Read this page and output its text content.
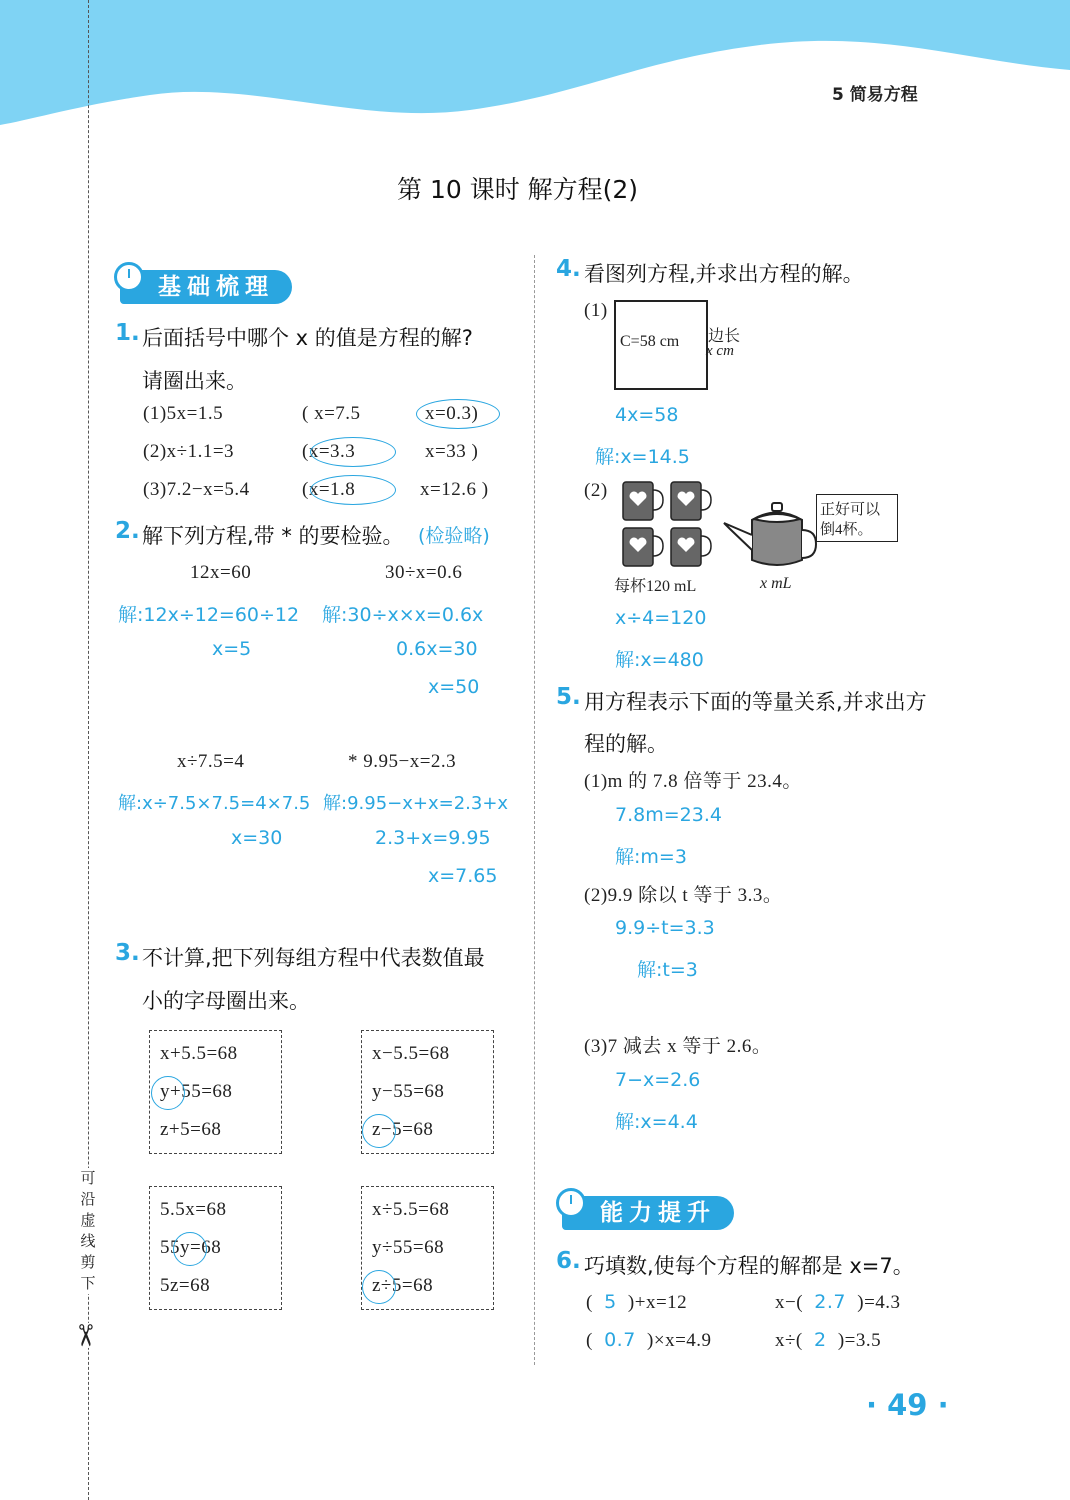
5 简易方程
可沿虚线剪下
✂
第 10 课时 解方程(2)
基础梳理
1. 后面括号中哪个 x 的值是方程的解?
请圈出来。
(1)5x=1.5	( x=7.5	x=0.3)
(2)x÷1.1=3	(x=3.3	x=33 )
(3)7.2−x=5.4	(x=1.8	x=12.6 )
2. 解下列方程,带 * 的要检验。 (检验略)
12x=60
解:12x÷12=60÷12
x=5
30÷x=0.6
解:30÷x×x=0.6x
0.6x=30
x=50
x÷7.5=4
解:x÷7.5×7.5=4×7.5
x=30
* 9.95−x=2.3
解:9.95−x+x=2.3+x
2.3+x=9.95
x=7.65
3. 不计算,把下列每组方程中代表数值最
小的字母圈出来。
x+5.5=68
y+55=68
z+5=68
x−5.5=68
y−55=68
z−5=68
5.5x=68
55y=68
5z=68
x÷5.5=68
y÷55=68
z÷5=68
4. 看图列方程,并求出方程的解。
(1)
C=58 cm 边长
x cm
4x=58
解:x=14.5
(2)
每杯120 mL	x mL
正好可以
倒4杯。
x÷4=120
解:x=480
5. 用方程表示下面的等量关系,并求出方
程的解。
(1)m 的 7.8 倍等于 23.4。
7.8m=23.4
解:m=3
(2)9.9 除以 t 等于 3.3。
9.9÷t=3.3
解:t=3
(3)7 减去 x 等于 2.6。
7−x=2.6
解:x=4.4
能力提升
6. 巧填数,使每个方程的解都是 x=7。
( 5 )+x=12	x−( 2.7 )=4.3
( 0.7 )×x=4.9	x÷( 2 )=3.5
· 49 ·
